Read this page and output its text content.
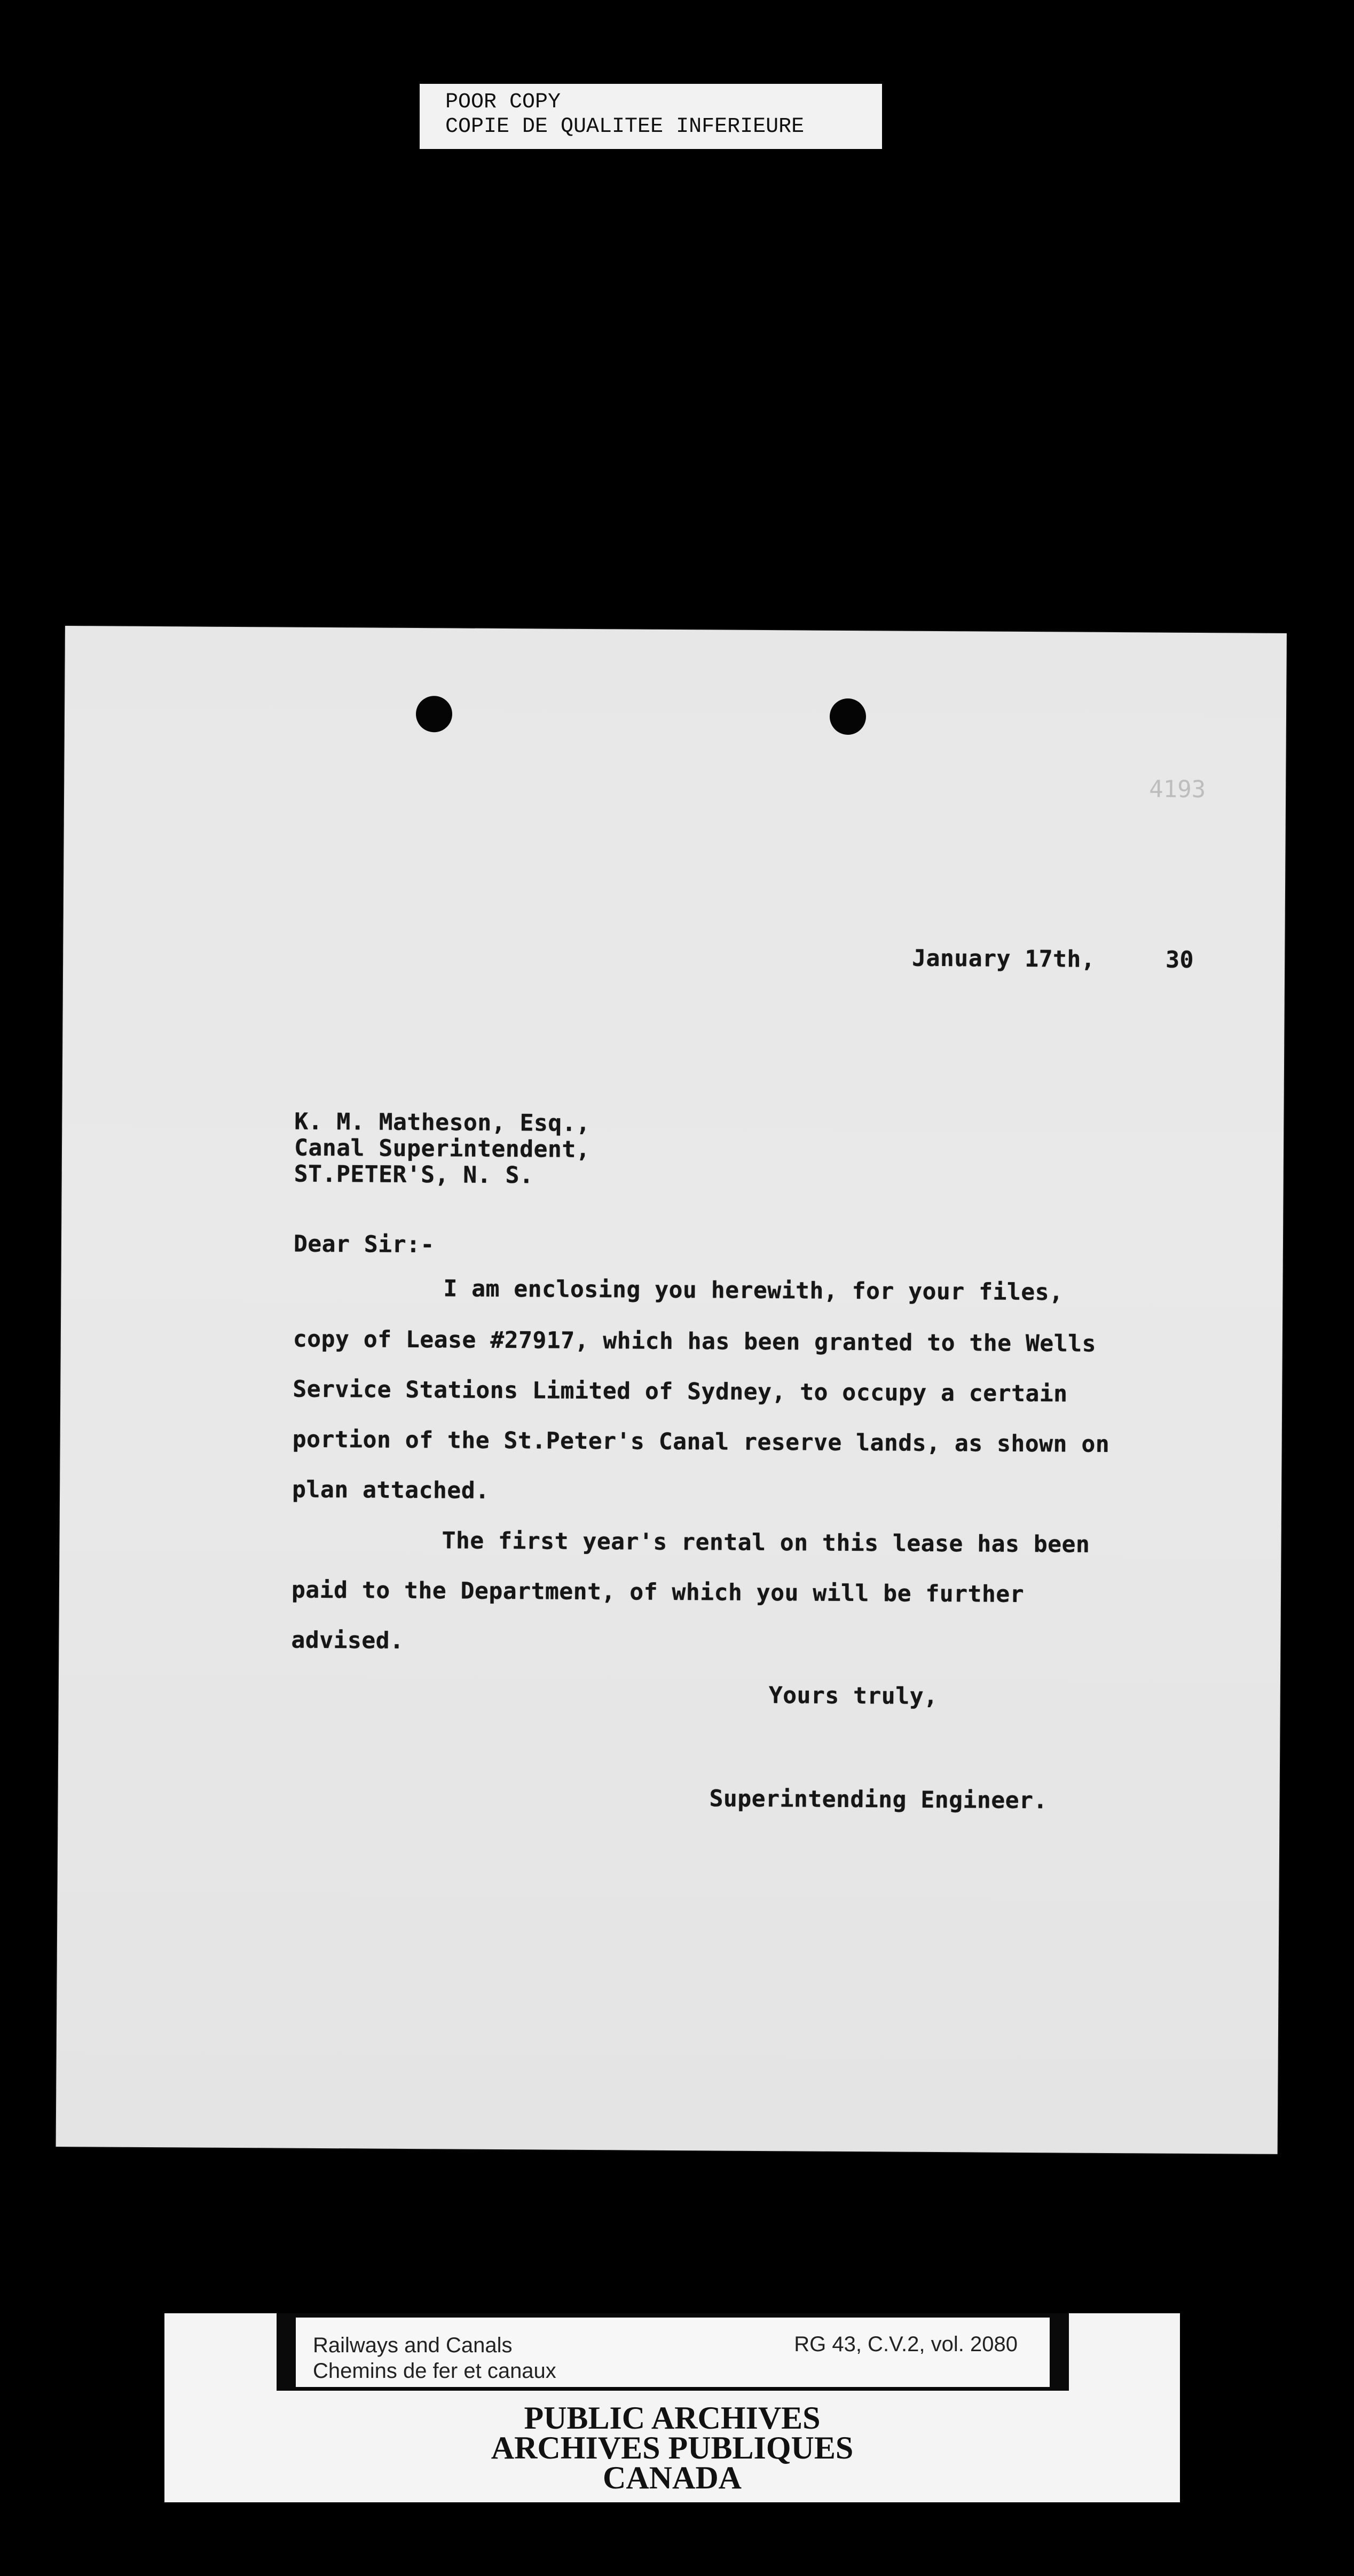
POOR COPY
COPIE DE QUALITEE INFERIEURE
4193
January 17th,     30
K. M. Matheson, Esq.,
Canal Superintendent,
ST.PETER'S, N. S.
Dear Sir:-
I am enclosing you herewith, for your files,
copy of Lease #27917, which has been granted to the Wells
Service Stations Limited of Sydney, to occupy a certain
portion of the St.Peter's Canal reserve lands, as shown on
plan attached.
The first year's rental on this lease has been
paid to the Department, of which you will be further
advised.
Yours truly,
Superintending Engineer.
Railways and Canals
Chemins de fer et canaux
RG 43, C.V.2, vol. 2080
PUBLIC ARCHIVES
ARCHIVES PUBLIQUES
CANADA
